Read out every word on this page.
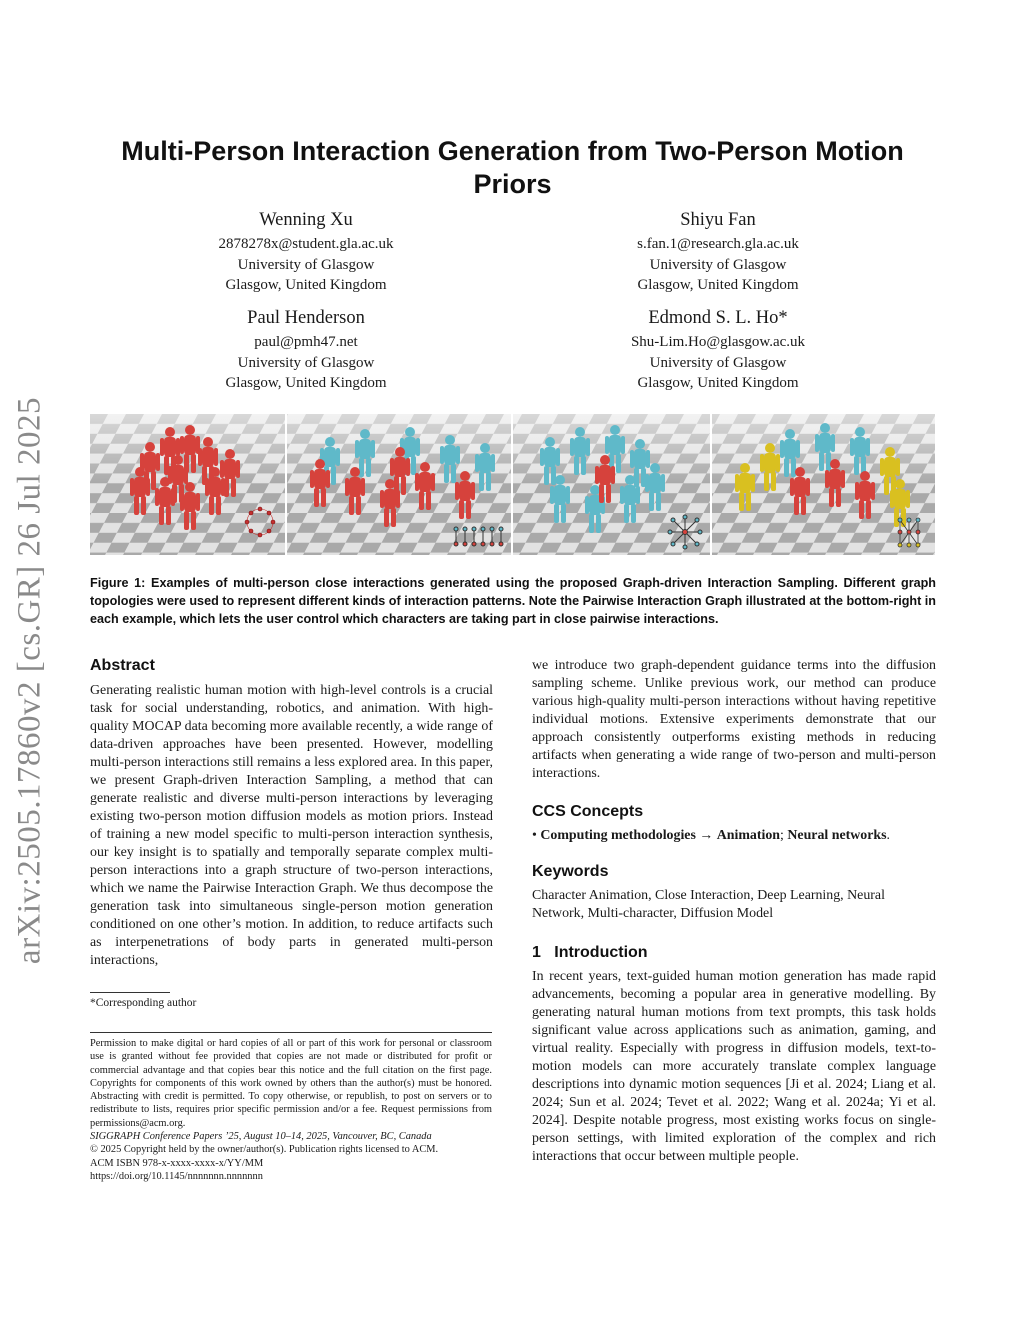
arXiv:2505.17860v2 [cs.GR] 26 Jul 2025
Multi-Person Interaction Generation from Two-Person Motion Priors
Wenning Xu
2878278x@student.gla.ac.uk
University of Glasgow
Glasgow, United Kingdom
Shiyu Fan
s.fan.1@research.gla.ac.uk
University of Glasgow
Glasgow, United Kingdom
Paul Henderson
paul@pmh47.net
University of Glasgow
Glasgow, United Kingdom
Edmond S. L. Ho*
Shu-Lim.Ho@glasgow.ac.uk
University of Glasgow
Glasgow, United Kingdom
Figure 1: Examples of multi-person close interactions generated using the proposed Graph-driven Interaction Sampling. Different graph topologies were used to represent different kinds of interaction patterns. Note the Pairwise Interaction Graph illustrated at the bottom-right in each example, which lets the user control which characters are taking part in close pairwise interactions.
Abstract
Generating realistic human motion with high-level controls is a crucial task for social understanding, robotics, and animation. With high-quality MOCAP data becoming more available recently, a wide range of data-driven approaches have been presented. However, modelling multi-person interactions still remains a less explored area. In this paper, we present Graph-driven Interaction Sampling, a method that can generate realistic and diverse multi-person interactions by leveraging existing two-person motion diffusion models as motion priors. Instead of training a new model specific to multi-person interaction synthesis, our key insight is to spatially and temporally separate complex multi-person interactions into a graph structure of two-person interactions, which we name the Pairwise Interaction Graph. We thus decompose the generation task into simultaneous single-person motion generation conditioned on one other’s motion. In addition, to reduce artifacts such as interpenetrations of body parts in generated multi-person interactions,
*Corresponding author
Permission to make digital or hard copies of all or part of this work for personal or classroom use is granted without fee provided that copies are not made or distributed for profit or commercial advantage and that copies bear this notice and the full citation on the first page. Copyrights for components of this work owned by others than the author(s) must be honored. Abstracting with credit is permitted. To copy otherwise, or republish, to post on servers or to redistribute to lists, requires prior specific permission and/or a fee. Request permissions from permissions@acm.org.
SIGGRAPH Conference Papers ’25, August 10–14, 2025, Vancouver, BC, Canada
© 2025 Copyright held by the owner/author(s). Publication rights licensed to ACM.
ACM ISBN 978-x-xxxx-xxxx-x/YY/MM
https://doi.org/10.1145/nnnnnnn.nnnnnnn
we introduce two graph-dependent guidance terms into the diffusion sampling scheme. Unlike previous work, our method can produce various high-quality multi-person interactions without having repetitive individual motions. Extensive experiments demonstrate that our approach consistently outperforms existing methods in reducing artifacts when generating a wide range of two-person and multi-person interactions.
CCS Concepts
• Computing methodologies → Animation; Neural networks.
Keywords
Character Animation, Close Interaction, Deep Learning, Neural Network, Multi-character, Diffusion Model
1 Introduction
In recent years, text-guided human motion generation has made rapid advancements, becoming a popular area in generative modelling. By generating natural human motions from text prompts, this task holds significant value across applications such as animation, gaming, and virtual reality. Especially with progress in diffusion models, text-to-motion models can more accurately translate complex language descriptions into dynamic motion sequences [Ji et al. 2024; Liang et al. 2024; Sun et al. 2024; Tevet et al. 2022; Wang et al. 2024a; Yi et al. 2024]. Despite notable progress, most existing works focus on single-person settings, with limited exploration of the complex and rich interactions that occur between multiple people.
